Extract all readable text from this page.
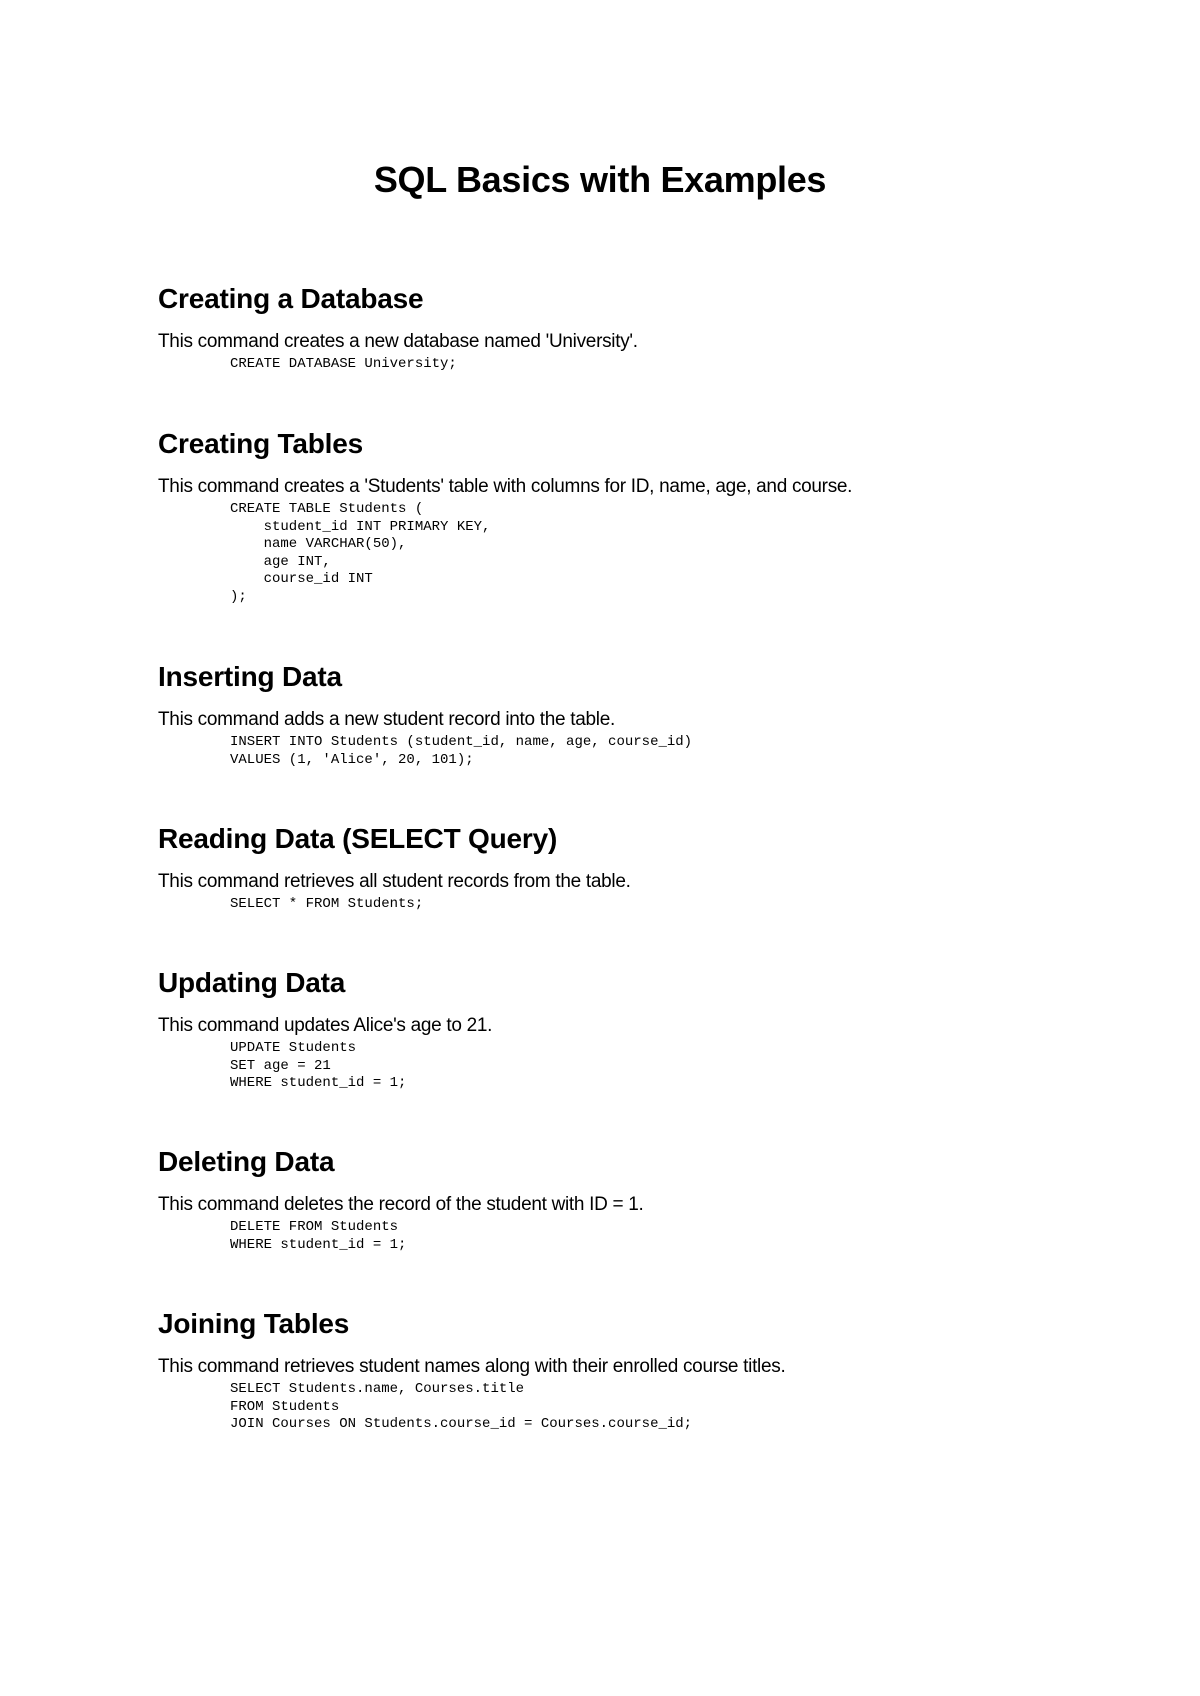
SQL Basics with Examples
Creating a Database

This command creates a new database named 'University'.

CREATE DATABASE University;
Creating Tables

This command creates a 'Students' table with columns for ID, name, age, and course.

CREATE TABLE Students (
student_id INT PRIMARY KEY,
name VARCHAR(50),
age INT,
course_id INT
);
Inserting Data

This command adds a new student record into the table.

INSERT INTO Students (student_id, name, age, course_id)
VALUES (1, 'Alice', 20, 101);
Reading Data (SELECT Query)

This command retrieves all student records from the table.

SELECT * FROM Students;
Updating Data

This command updates Alice's age to 21.

UPDATE Students
SET age = 21
WHERE student_id = 1;
Deleting Data

This command deletes the record of the student with ID = 1.

DELETE FROM Students
WHERE student_id = 1;
Joining Tables

This command retrieves student names along with their enrolled course titles.

SELECT Students.name, Courses.title
FROM Students
JOIN Courses ON Students.course_id = Courses.course_id;
